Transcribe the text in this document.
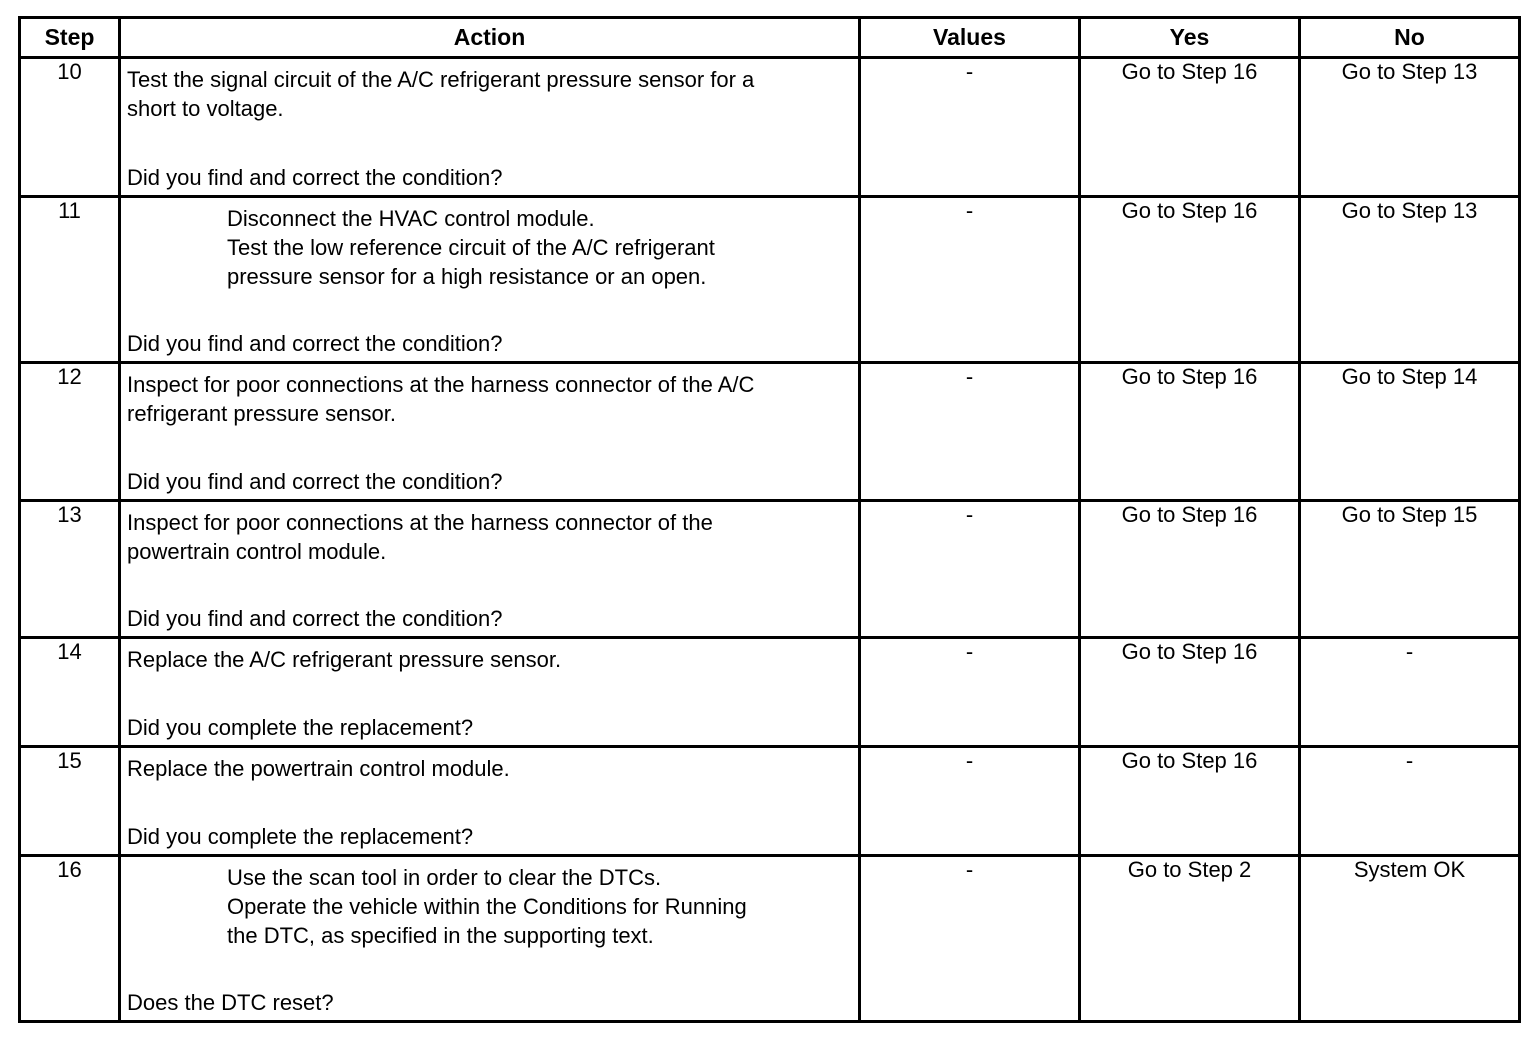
Step	Action	Values	Yes	No
10	Test the signal circuit of the A/C refrigerant pressure sensor for a
short to voltage.
Did you find and correct the condition?	-	Go to Step 16	Go to Step 13
11	Disconnect the HVAC control module.
Test the low reference circuit of the A/C refrigerant
pressure sensor for a high resistance or an open.
Did you find and correct the condition?	-	Go to Step 16	Go to Step 13
12	Inspect for poor connections at the harness connector of the A/C
refrigerant pressure sensor.
Did you find and correct the condition?	-	Go to Step 16	Go to Step 14
13	Inspect for poor connections at the harness connector of the
powertrain control module.
Did you find and correct the condition?	-	Go to Step 16	Go to Step 15
14	Replace the A/C refrigerant pressure sensor.
Did you complete the replacement?	-	Go to Step 16	-
15	Replace the powertrain control module.
Did you complete the replacement?	-	Go to Step 16	-
16	Use the scan tool in order to clear the DTCs.
Operate the vehicle within the Conditions for Running
the DTC, as specified in the supporting text.
Does the DTC reset?	-	Go to Step 2	System OK
